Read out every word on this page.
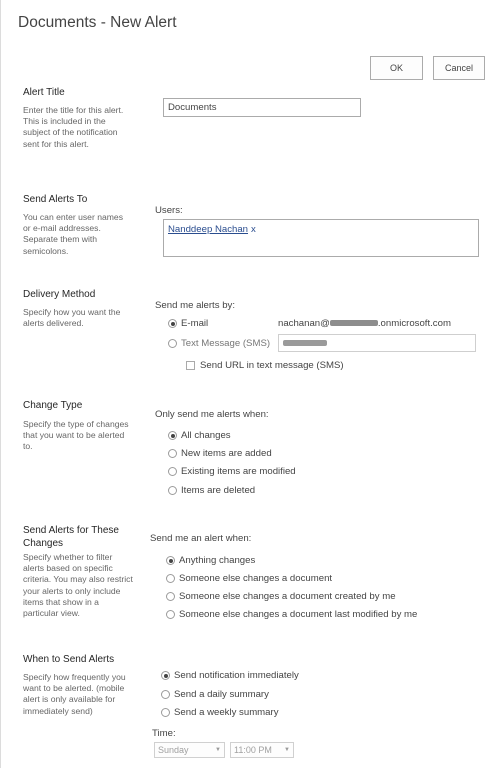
Documents - New Alert
OK	Cancel
Alert Title
Enter the title for this alert. This is included in the subject of the notification sent for this alert.
Documents
Send Alerts To
You can enter user names or e-mail addresses. Separate them with semicolons.
Users:
Nanddeep Nachan x
Delivery Method
Specify how you want the alerts delivered.
Send me alerts by:
E-mail	nachanan@	.onmicrosoft.com
Text Message (SMS)
Send URL in text message (SMS)
Change Type
Specify the type of changes that you want to be alerted to.
Only send me alerts when:
All changes
New items are added
Existing items are modified
Items are deleted
Send Alerts for These Changes
Specify whether to filter alerts based on specific criteria. You may also restrict your alerts to only include items that show in a particular view.
Send me an alert when:
Anything changes
Someone else changes a document
Someone else changes a document created by me
Someone else changes a document last modified by me
When to Send Alerts
Specify how frequently you want to be alerted. (mobile alert is only available for immediately send)
Send notification immediately
Send a daily summary
Send a weekly summary
Time:
Sunday	▼ 11:00 PM ▼
